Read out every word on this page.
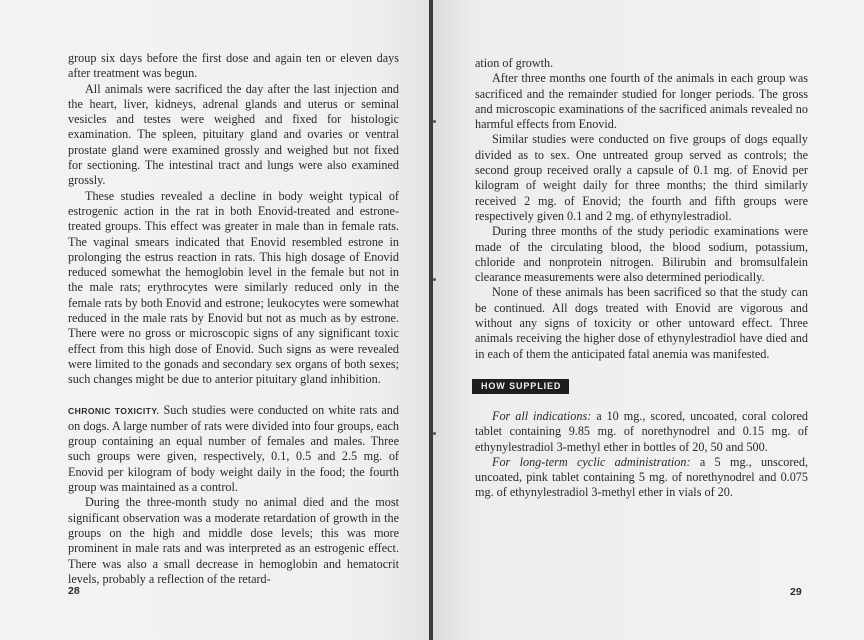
group six days before the first dose and again ten or eleven days after treatment was begun.

All animals were sacrificed the day after the last injection and the heart, liver, kidneys, adrenal glands and uterus or seminal vesicles and testes were weighed and fixed for histologic examination. The spleen, pituitary gland and ovaries or ventral prostate gland were examined grossly and weighed but not fixed for sectioning. The intestinal tract and lungs were also examined grossly.

These studies revealed a decline in body weight typical of estrogenic action in the rat in both Enovid-treated and estrone-treated groups. This effect was greater in male than in female rats. The vaginal smears indicated that Enovid resembled estrone in prolonging the estrus reaction in rats. This high dosage of Enovid reduced somewhat the hemoglobin level in the female but not in the male rats; erythrocytes were similarly reduced only in the female rats by both Enovid and estrone; leukocytes were somewhat reduced in the male rats by Enovid but not as much as by estrone. There were no gross or microscopic signs of any significant toxic effect from this high dose of Enovid. Such signs as were revealed were limited to the gonads and secondary sex organs of both sexes; such changes might be due to anterior pituitary gland inhibition.

CHRONIC TOXICITY. Such studies were conducted on white rats and on dogs. A large number of rats were divided into four groups, each group containing an equal number of females and males. Three such groups were given, respectively, 0.1, 0.5 and 2.5 mg. of Enovid per kilogram of body weight daily in the food; the fourth group was maintained as a control.

During the three-month study no animal died and the most significant observation was a moderate retardation of growth in the groups on the high and middle dose levels; this was more prominent in male rats and was interpreted as an estrogenic effect. There was also a small decrease in hemoglobin and hematocrit levels, probably a reflection of the retard-

28

ation of growth.

After three months one fourth of the animals in each group was sacrificed and the remainder studied for longer periods. The gross and microscopic examinations of the sacrificed animals revealed no harmful effects from Enovid.

Similar studies were conducted on five groups of dogs equally divided as to sex. One untreated group served as controls; the second group received orally a capsule of 0.1 mg. of Enovid per kilogram of weight daily for three months; the third similarly received 2 mg. of Enovid; the fourth and fifth groups were respectively given 0.1 and 2 mg. of ethynylestradiol.

During three months of the study periodic examinations were made of the circulating blood, the blood sodium, potassium, chloride and nonprotein nitrogen. Bilirubin and bromsulfalein clearance measurements were also determined periodically.

None of these animals has been sacrificed so that the study can be continued. All dogs treated with Enovid are vigorous and without any signs of toxicity or other untoward effect. Three animals receiving the higher dose of ethynylestradiol have died and in each of them the anticipated fatal anemia was manifested.

HOW SUPPLIED

For all indications: a 10 mg., scored, uncoated, coral colored tablet containing 9.85 mg. of norethynodrel and 0.15 mg. of ethynylestradiol 3-methyl ether in bottles of 20, 50 and 500.

For long-term cyclic administration: a 5 mg., unscored, uncoated, pink tablet containing 5 mg. of norethynodrel and 0.075 mg. of ethynylestradiol 3-methyl ether in vials of 20.

29
